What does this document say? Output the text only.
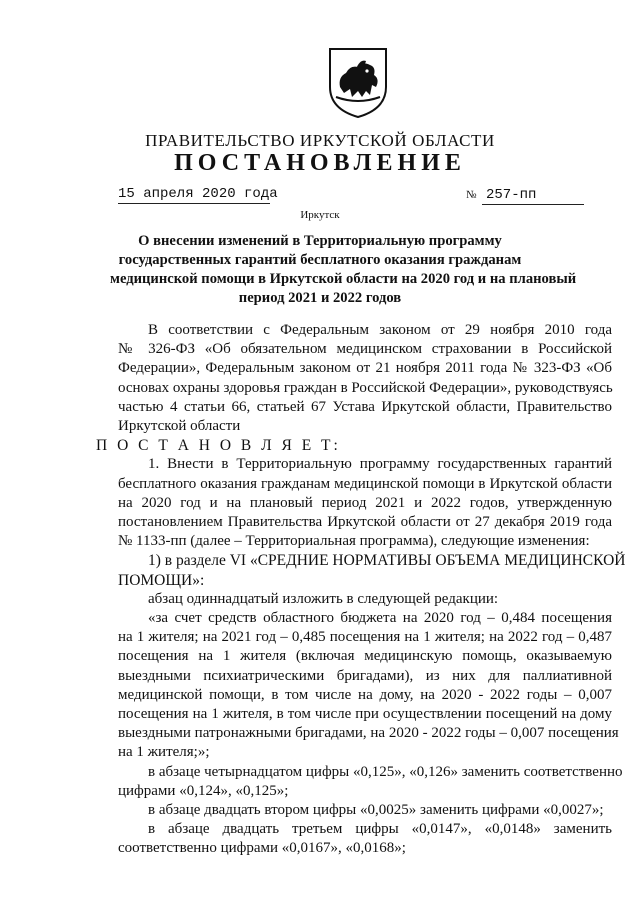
ПРАВИТЕЛЬСТВО ИРКУТСКОЙ ОБЛАСТИ
ПОСТАНОВЛЕНИЕ
15 апреля 2020 года	№ 257-пп
Иркутск
О внесении изменений в Территориальную программу
государственных гарантий бесплатного оказания гражданам
медицинской помощи в Иркутской области на 2020 год и на плановый
период 2021 и 2022 годов
В соответствии с Федеральным законом от 29 ноября 2010 года
№ 326-ФЗ «Об обязательном медицинском страховании в Российской
Федерации», Федеральным законом от 21 ноября 2011 года № 323-ФЗ «Об
основах охраны здоровья граждан в Российской Федерации», руководствуясь
частью 4 статьи 66, статьей 67 Устава Иркутской области, Правительство
Иркутской области
П О С Т А Н О В Л Я Е Т:
1. Внести в Территориальную программу государственных гарантий
бесплатного оказания гражданам медицинской помощи в Иркутской области
на 2020 год и на плановый период 2021 и 2022 годов, утвержденную
постановлением Правительства Иркутской области от 27 декабря 2019 года
№ 1133-пп (далее – Территориальная программа), следующие изменения:
1) в разделе VI «СРЕДНИЕ НОРМАТИВЫ ОБЪЕМА МЕДИЦИНСКОЙ
ПОМОЩИ»:
абзац одиннадцатый изложить в следующей редакции:
«за счет средств областного бюджета на 2020 год – 0,484 посещения
на 1 жителя; на 2021 год – 0,485 посещения на 1 жителя; на 2022 год – 0,487
посещения на 1 жителя (включая медицинскую помощь, оказываемую
выездными психиатрическими бригадами), из них для паллиативной
медицинской помощи, в том числе на дому, на 2020 - 2022 годы – 0,007
посещения на 1 жителя, в том числе при осуществлении посещений на дому
выездными патронажными бригадами, на 2020 - 2022 годы – 0,007 посещения
на 1 жителя;»;
в абзаце четырнадцатом цифры «0,125», «0,126» заменить соответственно
цифрами «0,124», «0,125»;
в абзаце двадцать втором цифры «0,0025» заменить цифрами «0,0027»;
в абзаце двадцать третьем цифры «0,0147», «0,0148» заменить
соответственно цифрами «0,0167», «0,0168»;
